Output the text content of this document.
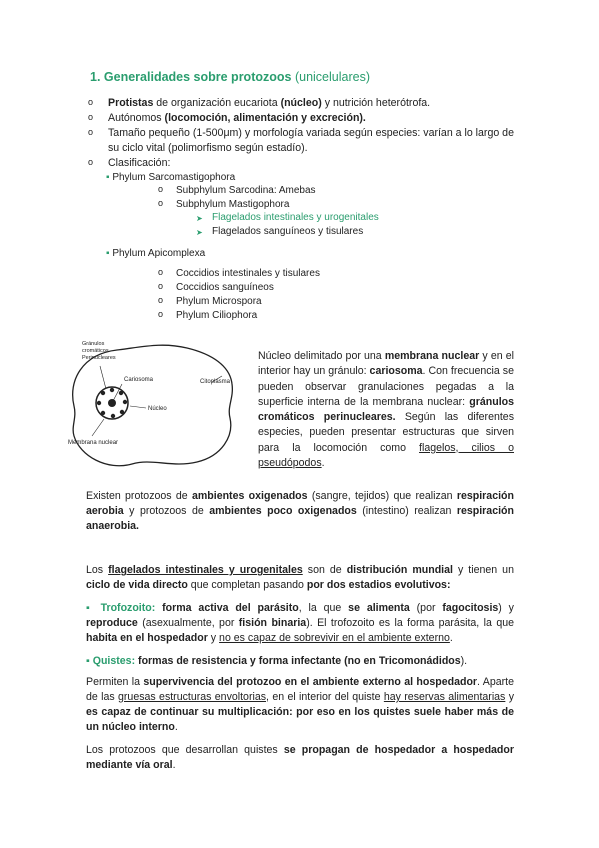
1. Generalidades sobre protozoos (unicelulares)
o Protistas de organización eucariota (núcleo) y nutrición heterótrofa.
o Autónomos (locomoción, alimentación y excreción).
o Tamaño pequeño (1-500μm) y morfología variada según especies: varían a lo largo de su ciclo vital (polimorfismo según estadío).
o Clasificación:
▪ Phylum Sarcomastigophora
o Subphylum Sarcodina: Amebas
o Subphylum Mastigophora
➤ Flagelados intestinales y urogenitales
➤ Flagelados sanguíneos y tisulares
▪ Phylum Apicomplexa
o Coccidios intestinales y tisulares
o Coccidios sanguíneos
o Phylum Microspora
o Phylum Ciliophora
Gránulos
cromáticos
Perinucleares
Cariosoma	Citoplasma
Núcleo
Membrana nuclear
Núcleo delimitado por una membrana nuclear y en el interior hay un gránulo: cariosoma. Con frecuencia se pueden observar granulaciones pegadas a la superficie interna de la membrana nuclear: gránulos cromáticos perinucleares. Según las diferentes especies, pueden presentar estructuras que sirven para la locomoción como flagelos, cilios o pseudópodos.
Existen protozoos de ambientes oxigenados (sangre, tejidos) que realizan respiración aerobia y protozoos de ambientes poco oxigenados (intestino) realizan respiración anaerobia.
Los flagelados intestinales y urogenitales son de distribución mundial y tienen un ciclo de vida directo que completan pasando por dos estadios evolutivos:
▪ Trofozoito: forma activa del parásito, la que se alimenta (por fagocitosis) y reproduce (asexualmente, por fisión binaria). El trofozoito es la forma parásita, la que habita en el hospedador y no es capaz de sobrevivir en el ambiente externo.
▪ Quistes: formas de resistencia y forma infectante (no en Tricomonádidos).
Permiten la supervivencia del protozoo en el ambiente externo al hospedador. Aparte de las gruesas estructuras envoltorias, en el interior del quiste hay reservas alimentarias y es capaz de continuar su multiplicación: por eso en los quistes suele haber más de un núcleo interno.
Los protozoos que desarrollan quistes se propagan de hospedador a hospedador mediante vía oral.
